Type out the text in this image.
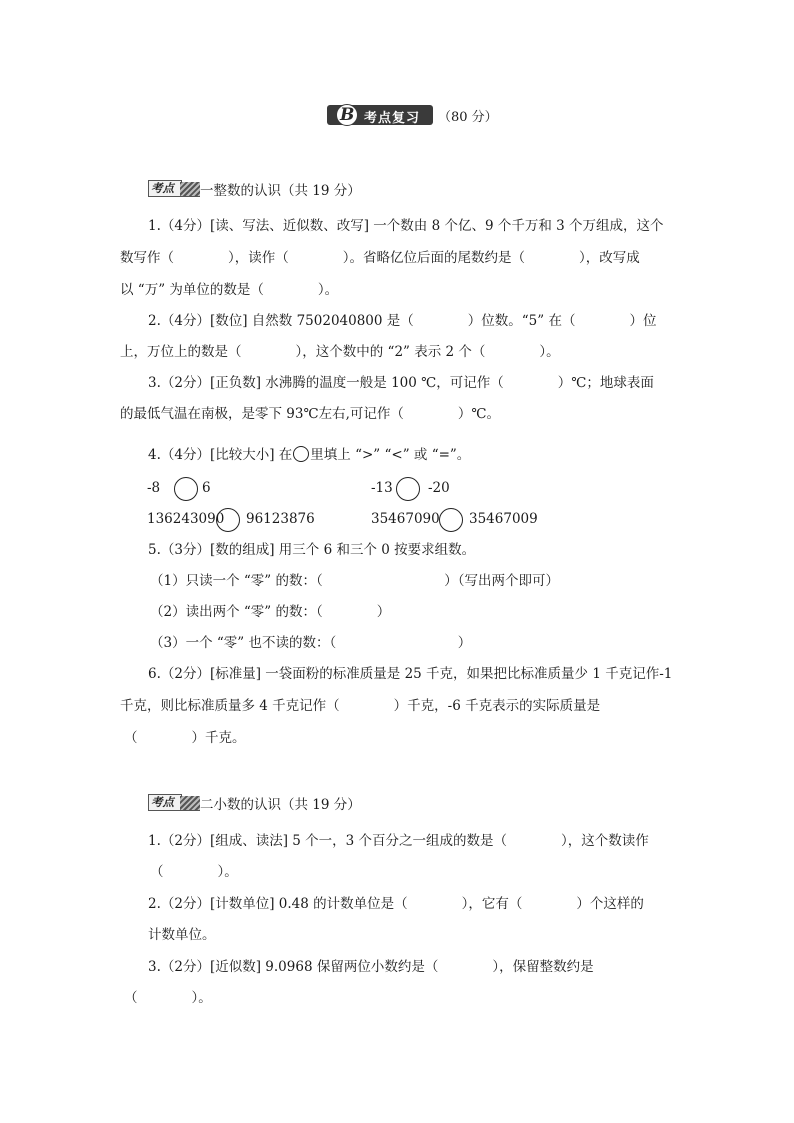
B 考点复习 （80 分）
考点 一整数的认识（共 19 分）
1.（4分）[读、写法、近似数、改写] 一个数由 8 个亿、9 个千万和 3 个万组成，这个
数写作（　　　　），读作（　　　　）。省略亿位后面的尾数约是（　　　　），改写成
以 “万” 为单位的数是（　　　　）。
2.（4分）[数位] 自然数 7502040800 是（　　　　）位数。“5” 在（　　　　）位
上，万位上的数是（　　　　），这个数中的 “2” 表示 2 个（　　　　）。
3.（2分）[正负数] 水沸腾的温度一般是 100 ℃，可记作（　　　　）℃；地球表面
的最低气温在南极，是零下 93℃左右,可记作（　　　　）℃。
4.（4分）[比较大小] 在 里填上 “>” “<” 或 “=”。
-8	6	-13	-20
136243090 96123876	35467090 35467009
5.（3分）[数的组成] 用三个 6 和三个 0 按要求组数。
（1）只读一个 “零” 的数：（　　　　　　　　　）（写出两个即可）
（2）读出两个 “零” 的数：（　　　　）
（3）一个 “零” 也不读的数：（　　　　　　　　　）
6.（2分）[标准量] 一袋面粉的标准质量是 25 千克，如果把比标准质量少 1 千克记作-1
千克，则比标准质量多 4 千克记作（　　　　）千克，-6 千克表示的实际质量是
（　　　　）千克。
考点 二小数的认识（共 19 分）
1.（2分）[组成、读法] 5 个一，3 个百分之一组成的数是（　　　　），这个数读作
（　　　　）。
2.（2分）[计数单位] 0.48 的计数单位是（　　　　），它有（　　　　）个这样的
计数单位。
3.（2分）[近似数] 9.0968 保留两位小数约是（　　　　），保留整数约是
（　　　　）。
